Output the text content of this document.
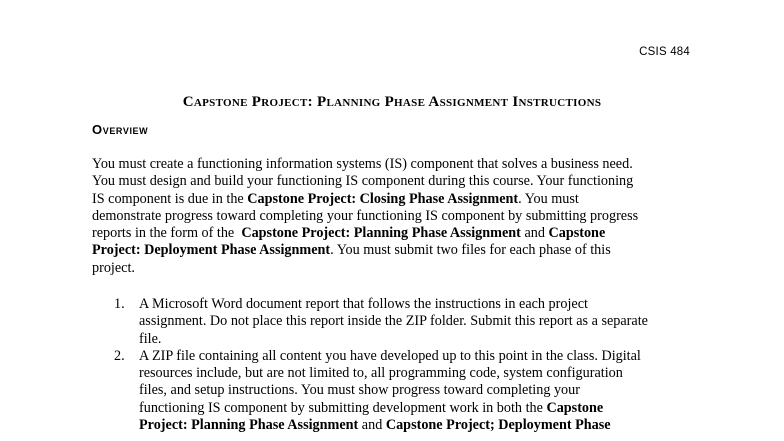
CSIS 484
Capstone Project: Planning Phase Assignment Instructions
Overview
You must create a functioning information systems (IS) component that solves a business need.
You must design and build your functioning IS component during this course. Your functioning
IS component is due in the Capstone Project: Closing Phase Assignment. You must
demonstrate progress toward completing your functioning IS component by submitting progress
reports in the form of the  Capstone Project: Planning Phase Assignment and Capstone
Project: Deployment Phase Assignment. You must submit two files for each phase of this
project.
1. A Microsoft Word document report that follows the instructions in each project
assignment. Do not place this report inside the ZIP folder. Submit this report as a separate
file.
2. A ZIP file containing all content you have developed up to this point in the class. Digital
resources include, but are not limited to, all programming code, system configuration
files, and setup instructions. You must show progress toward completing your
functioning IS component by submitting development work in both the Capstone
Project: Planning Phase Assignment and Capstone Project; Deployment Phase
